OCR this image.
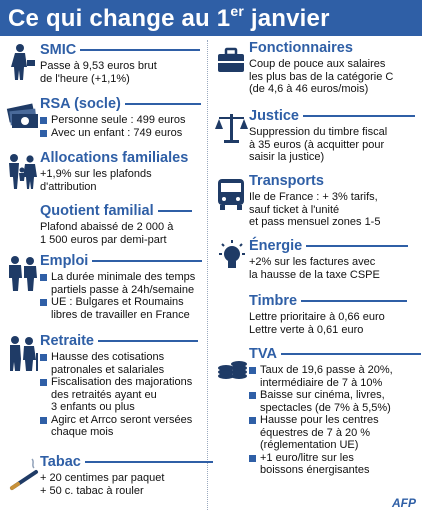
Ce qui change au 1er janvier
SMIC
Passe à 9,53 euros brut
de l'heure (+1,1%)
RSA (socle)
Personne seule : 499 euros
Avec un enfant : 749 euros
Allocations familiales
+1,9% sur les plafonds
d'attribution
Quotient familial
Plafond abaissé de 2 000 à
1 500 euros par demi-part
Emploi
La durée minimale des temps
partiels passe à 24h/semaine
UE : Bulgares et Roumains
libres de travailler en France
Retraite
Hausse des cotisations
patronales et salariales
Fiscalisation des majorations
des retraités ayant eu
3 enfants ou plus
Agirc et Arrco seront versées
chaque mois
Tabac
+ 20 centimes par paquet
+ 50 c. tabac à rouler
Fonctionnaires
Coup de pouce aux salaires
les plus bas de la catégorie C
(de 4,6 à 46 euros/mois)
Justice
Suppression du timbre fiscal
à 35 euros (à acquitter pour
saisir la justice)
Transports
Ile de France : + 3% tarifs,
sauf ticket à l'unité
et pass mensuel zones 1-5
Énergie
+2% sur les factures avec
la hausse de la taxe CSPE
Timbre
Lettre prioritaire à 0,66 euro
Lettre verte à 0,61 euro
TVA
Taux de 19,6 passe à 20%,
intermédiaire de 7 à 10%
Baisse sur cinéma, livres,
spectacles (de 7% à 5,5%)
Hausse pour les centres
équestres de 7 à 20 %
(réglementation UE)
+1 euro/litre sur les
boissons énergisantes
AFP
